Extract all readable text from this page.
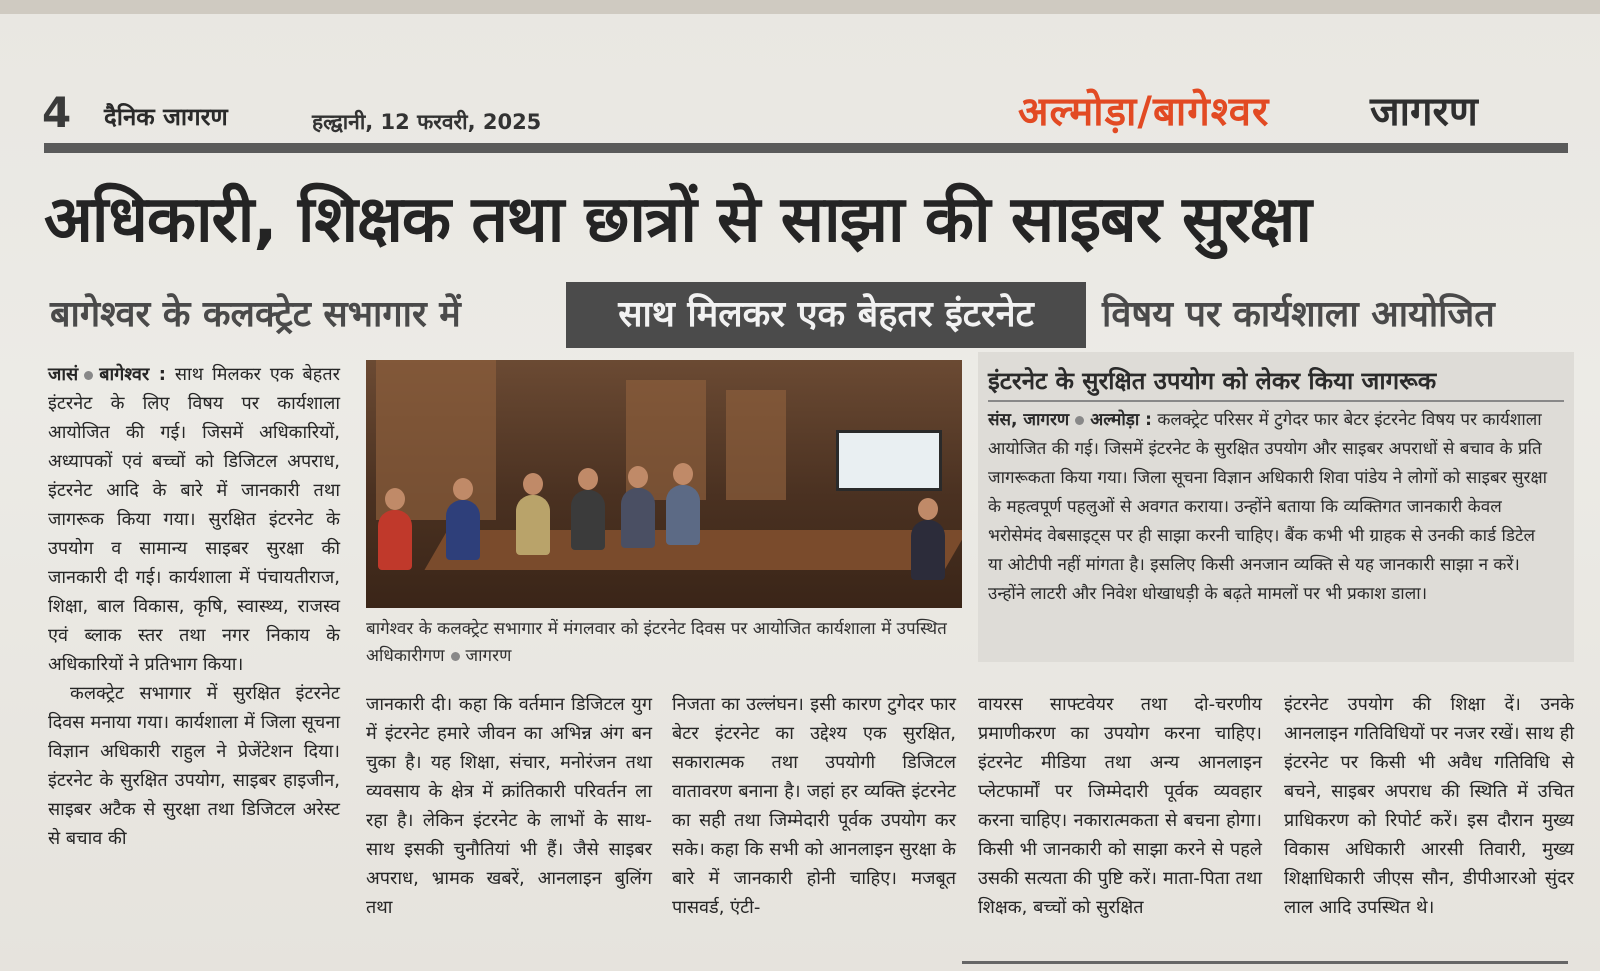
4 दैनिक जागरण	हल्द्वानी, 12 फरवरी, 2025	अल्मोड़ा/बागेश्वर	जागरण
अधिकारी, शिक्षक तथा छात्रों से साझा की साइबर सुरक्षा
बागेश्वर के कलक्ट्रेट सभागार में	साथ मिलकर एक बेहतर इंटरनेट	विषय पर कार्यशाला आयोजित

जासं बागेश्वर : साथ मिलकर एक बेहतर इंटरनेट के लिए विषय पर कार्यशाला आयोजित की गई। जिसमें अधिकारियों, अध्यापकों एवं बच्चों को डिजिटल अपराध, इंटरनेट आदि के बारे में जानकारी तथा जागरूक किया गया। सुरक्षित इंटरनेट के उपयोग व सामान्य साइबर सुरक्षा की जानकारी दी गई। कार्यशाला में पंचायतीराज, शिक्षा, बाल विकास, कृषि, स्वास्थ्य, राजस्व एवं ब्लाक स्तर तथा नगर निकाय के अधिकारियों ने प्रतिभाग किया।

कलक्ट्रेट सभागार में सुरक्षित इंटरनेट दिवस मनाया गया। कार्यशाला में जिला सूचना विज्ञान अधिकारी राहुल ने प्रेजेंटेशन दिया। इंटरनेट के सुरक्षित उपयोग, साइबर हाइजीन, साइबर अटैक से सुरक्षा तथा डिजिटल अरेस्ट से बचाव की

बागेश्वर के कलक्ट्रेट सभागार में मंगलवार को इंटरनेट दिवस पर आयोजित कार्यशाला में उपस्थित अधिकारीगण जागरण
इंटरनेट के सुरक्षित उपयोग को लेकर किया जागरूक
संस, जागरण अल्मोड़ा : कलक्ट्रेट परिसर में टुगेदर फार बेटर इंटरनेट विषय पर कार्यशाला आयोजित की गई। जिसमें इंटरनेट के सुरक्षित उपयोग और साइबर अपराधों से बचाव के प्रति जागरूकता किया गया। जिला सूचना विज्ञान अधिकारी शिवा पांडेय ने लोगों को साइबर सुरक्षा के महत्वपूर्ण पहलुओं से अवगत कराया। उन्होंने बताया कि व्यक्तिगत जानकारी केवल भरोसेमंद वेबसाइट्स पर ही साझा करनी चाहिए। बैंक कभी भी ग्राहक से उनकी कार्ड डिटेल या ओटीपी नहीं मांगता है। इसलिए किसी अनजान व्यक्ति से यह जानकारी साझा न करें। उन्होंने लाटरी और निवेश धोखाधड़ी के बढ़ते मामलों पर भी प्रकाश डाला।
जानकारी दी। कहा कि वर्तमान डिजिटल युग में इंटरनेट हमारे जीवन का अभिन्न अंग बन चुका है। यह शिक्षा, संचार, मनोरंजन तथा व्यवसाय के क्षेत्र में क्रांतिकारी परिवर्तन ला रहा है। लेकिन इंटरनेट के लाभों के साथ-साथ इसकी चुनौतियां भी हैं। जैसे साइबर अपराध, भ्रामक खबरें, आनलाइन बुलिंग तथा
निजता का उल्लंघन। इसी कारण टुगेदर फार बेटर इंटरनेट का उद्देश्य एक सुरक्षित, सकारात्मक तथा उपयोगी डिजिटल वातावरण बनाना है। जहां हर व्यक्ति इंटरनेट का सही तथा जिम्मेदारी पूर्वक उपयोग कर सके। कहा कि सभी को आनलाइन सुरक्षा के बारे में जानकारी होनी चाहिए। मजबूत पासवर्ड, एंटी-
वायरस साफ्टवेयर तथा दो-चरणीय प्रमाणीकरण का उपयोग करना चाहिए। इंटरनेट मीडिया तथा अन्य आनलाइन प्लेटफार्मों पर जिम्मेदारी पूर्वक व्यवहार करना चाहिए। नकारात्मकता से बचना होगा। किसी भी जानकारी को साझा करने से पहले उसकी सत्यता की पुष्टि करें। माता-पिता तथा शिक्षक, बच्चों को सुरक्षित
इंटरनेट उपयोग की शिक्षा दें। उनके आनलाइन गतिविधियों पर नजर रखें। साथ ही इंटरनेट पर किसी भी अवैध गतिविधि से बचने, साइबर अपराध की स्थिति में उचित प्राधिकरण को रिपोर्ट करें। इस दौरान मुख्य विकास अधिकारी आरसी तिवारी, मुख्य शिक्षाधिकारी जीएस सौन, डीपीआरओ सुंदर लाल आदि उपस्थित थे।
